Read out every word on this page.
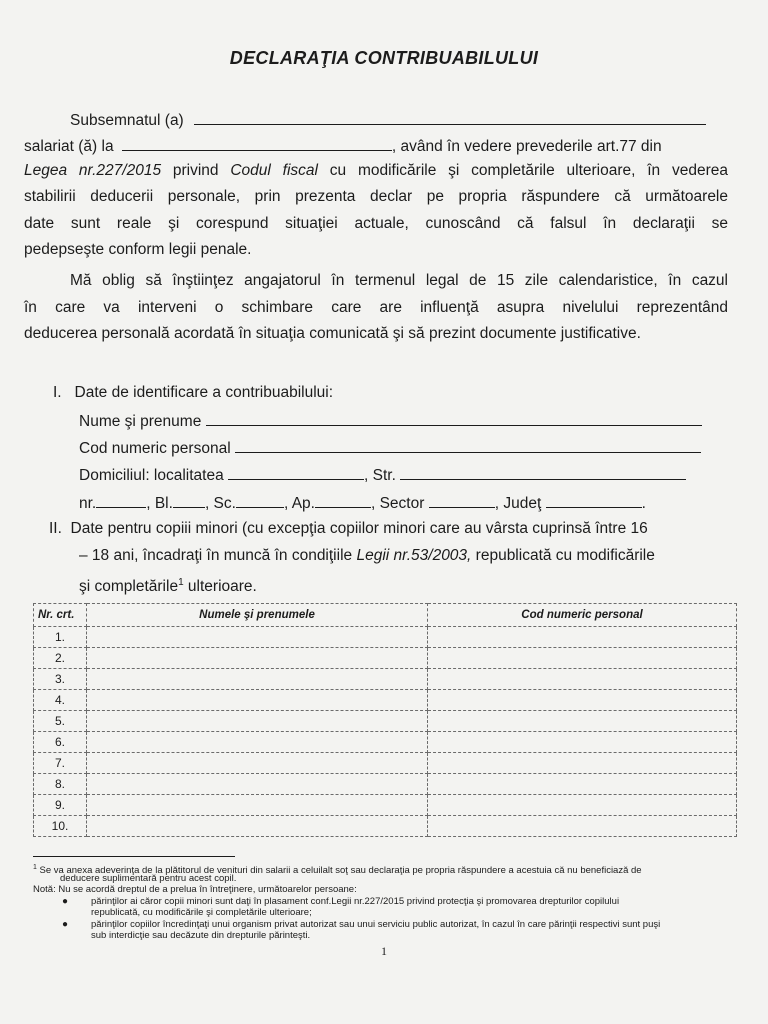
DECLARAŢIA CONTRIBUABILULUI
Subsemnatul (a)
salariat (ă) la	, având în vedere prevederile art.77 din
Legea nr.227/2015 privind Codul fiscal cu modificările şi completările ulterioare, în vederea
stabilirii deducerii personale, prin prezenta declar pe propria răspundere că următoarele
date sunt reale şi corespund situaţiei actuale, cunoscând că falsul în declaraţii se
pedepseşte conform legii penale.
Mă oblig să înştiinţez angajatorul în termenul legal de 15 zile calendaristice, în cazul
în care va interveni o schimbare care are influenţă asupra nivelului reprezentând
deducerea personală acordată în situaţia comunicată şi să prezint documente justificative.
I. Date de identificare a contribuabilului:
Nume şi prenume
Cod numeric personal
Domiciliul: localitatea	, Str.
nr.	, Bl. , Sc.	, Ap.	, Sector	, Judeţ	.
II. Date pentru copiii minori (cu excepţia copiilor minori care au vârsta cuprinsă între 16
– 18 ani, încadraţi în muncă în condiţiile Legii nr.53/2003, republicată cu modificările
şi completările$^1$ ulterioare.
Nr. crt.	Numele şi prenumele	Cod numeric personal
1.		
2.		
3.		
4.		
5.		
6.		
7.		
8.		
9.		
10.		
$^1$ Se va anexa adeverinţa de la plătitorul de venituri din salarii a celuilalt soţ sau declaraţia pe propria răspundere a acestuia că nu beneficiază de
deducere suplimentară pentru acest copil.
Notă: Nu se acordă dreptul de a prelua în întreţinere, următoarelor persoane:
● părinţilor ai căror copii minori sunt daţi în plasament conf.Legii nr.227/2015 privind protecţia şi promovarea drepturilor copilului
republicată, cu modificările şi completările ulterioare;
● părinţilor copiilor încredinţaţi unui organism privat autorizat sau unui serviciu public autorizat, în cazul în care părinţii respectivi sunt puşi
sub interdicţie sau decăzute din drepturile părinteşti.
1
